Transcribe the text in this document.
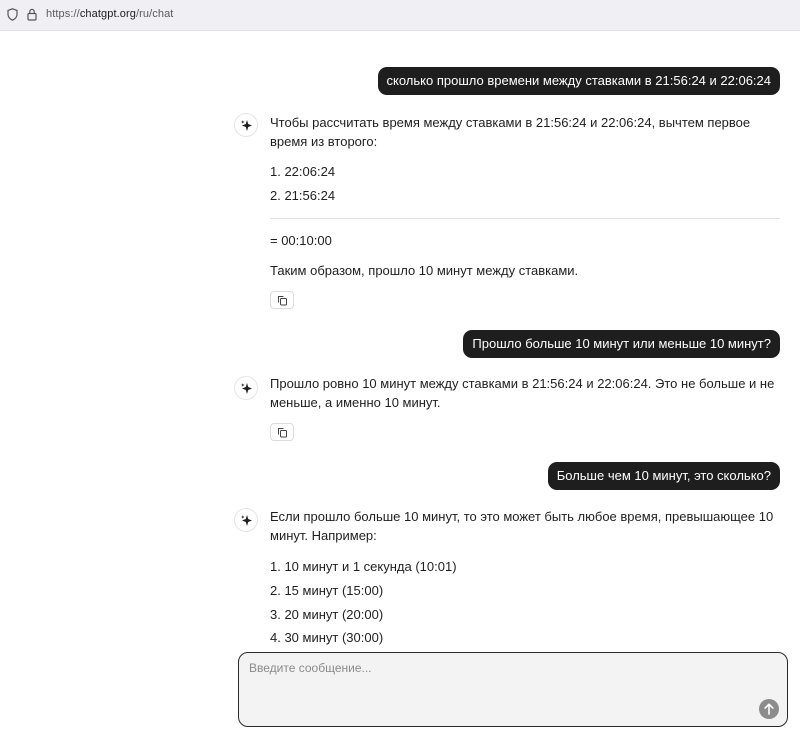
https://chatgpt.org/ru/chat
сколько прошло времени между ставками в 21:56:24 и 22:06:24
Чтобы рассчитать время между ставками в 21:56:24 и 22:06:24, вычтем первое время из второго:
1. 22:06:24
2. 21:56:24
= 00:10:00
Таким образом, прошло 10 минут между ставками.
Прошло больше 10 минут или меньше 10 минут?
Прошло ровно 10 минут между ставками в 21:56:24 и 22:06:24. Это не больше и не меньше, а именно 10 минут.
Больше чем 10 минут, это сколько?
Если прошло больше 10 минут, то это может быть любое время, превышающее 10 минут. Например:
1. 10 минут и 1 секунда (10:01)
2. 15 минут (15:00)
3. 20 минут (20:00)
4. 30 минут (30:00)
Введите сообщение...
